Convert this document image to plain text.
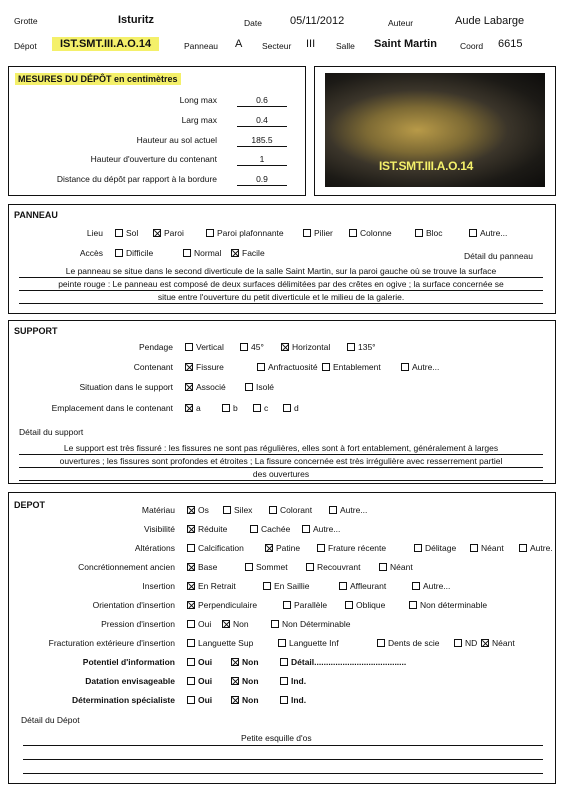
Grotte	Isturitz	Date	05/11/2012	Auteur	Aude Labarge
Dépot	IST.SMT.III.A.O.14	Panneau A Secteur III Salle Saint Martin	Coord 6615
MESURES DU DÉPÔT en centimètres
Long max	0.6
Larg max	0.4
Hauteur au sol actuel	185.5
Hauteur d'ouverture du contenant	1
Distance du dépôt par rapport à la bordure	0.9
IST.SMT.III.A.O.14
PANNEAU
Lieu	Sol	Paroi	Paroi plafonnante	Pilier	Colonne	Bloc	Autre...
Accès	Difficile	Normal	Facile	Détail du panneau
Le panneau se situe dans le second diverticule de la salle Saint Martin, sur la paroi gauche où se trouve la surface
peinte rouge : Le panneau est composé de deux surfaces délimitées par des crêtes en ogive ; la surface concernée se
situe entre l'ouverture du petit diverticule et le milieu de la galerie.
SUPPORT
Pendage	Vertical	45°	Horizontal	135°
Contenant	Fissure	Anfractuosité	Entablement	Autre...
Situation dans le support	Associé	Isolé
Emplacement dans le contenant	a	b	c	d
Détail du support
Le support est très fissuré : les fissures ne sont pas régulières, elles sont à fort entablement, généralement à larges
ouvertures ; les fissures sont profondes et étroites ; La fissure concernée est très irrégulière avec resserrement partiel
des ouvertures
DEPOT	Matériau	Os	Silex	Colorant	Autre...
Visibilité	Réduite	Cachée	Autre...
Altérations	Calcification	Patine	Frature récente	Délitage	Néant	Autre.
Concrétionnement ancien	Base	Sommet	Recouvrant	Néant
Insertion	En Retrait	En Saillie	Affleurant	Autre...
Orientation d'insertion	Perpendiculaire	Parallèle	Oblique	Non déterminable
Pression d'insertion	Oui	Non	Non Déterminable
Fracturation extérieure d'insertion	Languette Sup	Languette Inf	Dents de scie	ND	Néant
Potentiel d'information	Oui	Non	Détail.......................................
Datation envisageable	Oui	Non	Ind.
Détermination spécialiste	Oui	Non	Ind.
Détail du Dépot
Petite esquille d'os
